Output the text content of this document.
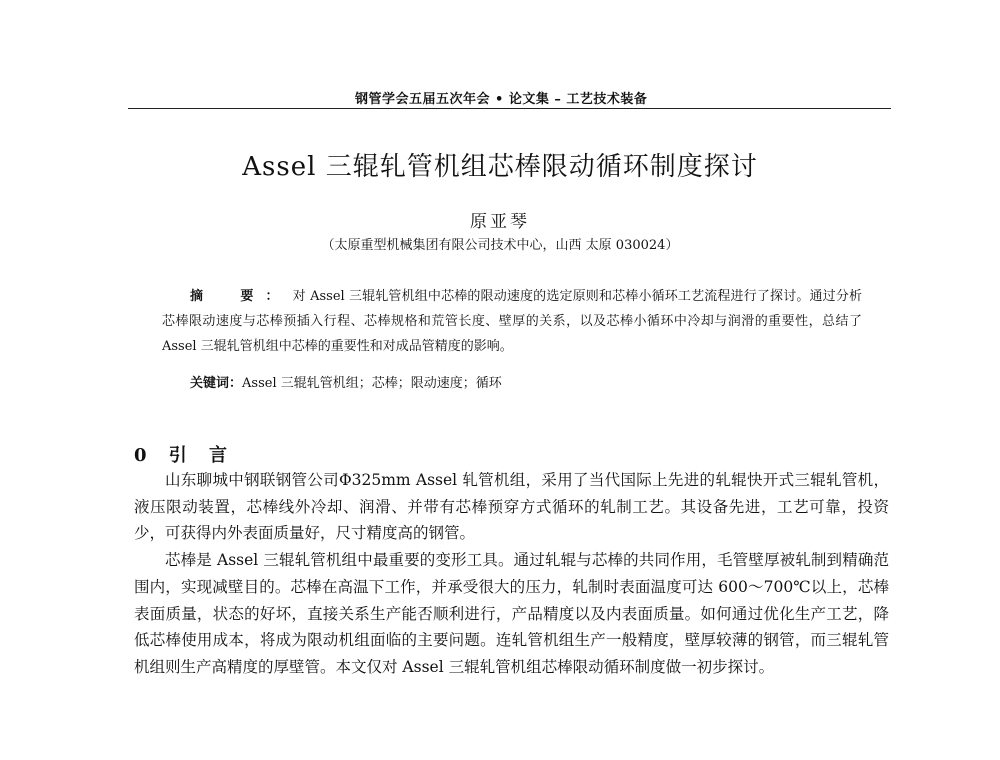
钢管学会五届五次年会 • 论文集 – 工艺技术装备
Assel 三辊轧管机组芯棒限动循环制度探讨
原亚琴
（太原重型机械集团有限公司技术中心，山西 太原 030024）
摘　要： 对 Assel 三辊轧管机组中芯棒的限动速度的选定原则和芯棒小循环工艺流程进行了探讨。通过分析芯棒限动速度与芯棒预插入行程、芯棒规格和荒管长度、壁厚的关系，以及芯棒小循环中冷却与润滑的重要性，总结了 Assel 三辊轧管机组中芯棒的重要性和对成品管精度的影响。
关键词：Assel 三辊轧管机组；芯棒；限动速度；循环
0 引 言

山东聊城中钢联钢管公司Φ325mm Assel 轧管机组，采用了当代国际上先进的轧辊快开式三辊轧管机，液压限动装置，芯棒线外冷却、润滑、并带有芯棒预穿方式循环的轧制工艺。其设备先进，工艺可靠，投资少，可获得内外表面质量好，尺寸精度高的钢管。

芯棒是 Assel 三辊轧管机组中最重要的变形工具。通过轧辊与芯棒的共同作用，毛管壁厚被轧制到精确范围内，实现减壁目的。芯棒在高温下工作，并承受很大的压力，轧制时表面温度可达 600～700℃以上，芯棒表面质量，状态的好坏，直接关系生产能否顺利进行，产品精度以及内表面质量。如何通过优化生产工艺，降低芯棒使用成本，将成为限动机组面临的主要问题。连轧管机组生产一般精度，壁厚较薄的钢管，而三辊轧管机组则生产高精度的厚壁管。本文仅对 Assel 三辊轧管机组芯棒限动循环制度做一初步探讨。
